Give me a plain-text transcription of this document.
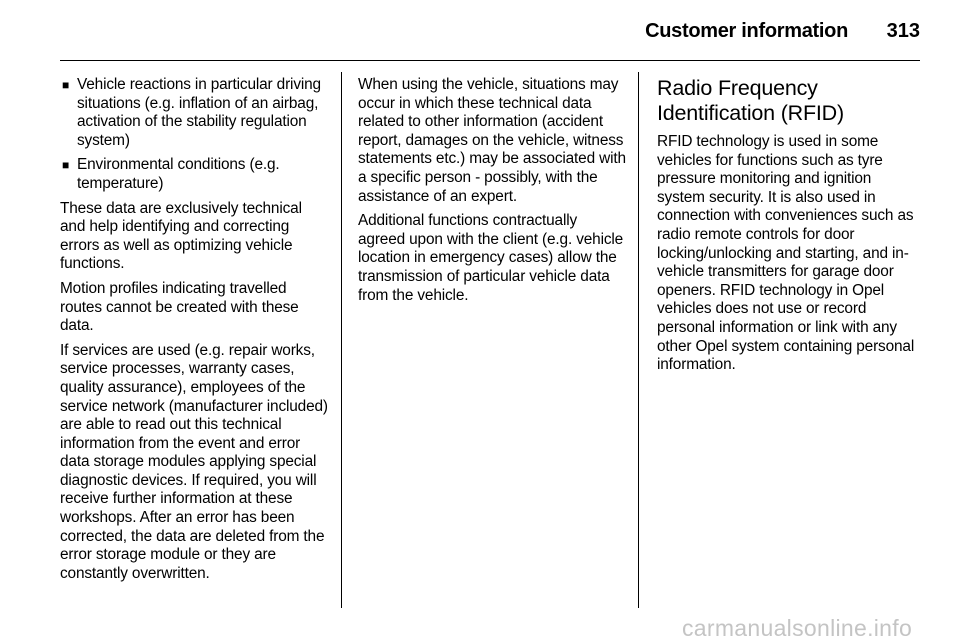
Customer information	313
■ Vehicle reactions in particular driving situations (e.g. inflation of an airbag, activation of the stability regulation system)
■ Environmental conditions (e.g. temperature)

These data are exclusively technical and help identifying and correcting errors as well as optimizing vehicle functions.

Motion profiles indicating travelled routes cannot be created with these data.

If services are used (e.g. repair works, service processes, warranty cases, quality assurance), employees of the service network (manufacturer included) are able to read out this technical information from the event and error data storage modules applying special diagnostic devices. If required, you will receive further information at these workshops. After an error has been corrected, the data are deleted from the error storage module or they are constantly overwritten.

When using the vehicle, situations may occur in which these technical data related to other information (accident report, damages on the vehicle, witness statements etc.) may be associated with a specific person - possibly, with the assistance of an expert.

Additional functions contractually agreed upon with the client (e.g. vehicle location in emergency cases) allow the transmission of particular vehicle data from the vehicle.

Radio Frequency Identification (RFID)

RFID technology is used in some vehicles for functions such as tyre pressure monitoring and ignition system security. It is also used in connection with conveniences such as radio remote controls for door locking/unlocking and starting, and in-vehicle transmitters for garage door openers. RFID technology in Opel vehicles does not use or record personal information or link with any other Opel system containing personal information.

carmanualsonline.info
